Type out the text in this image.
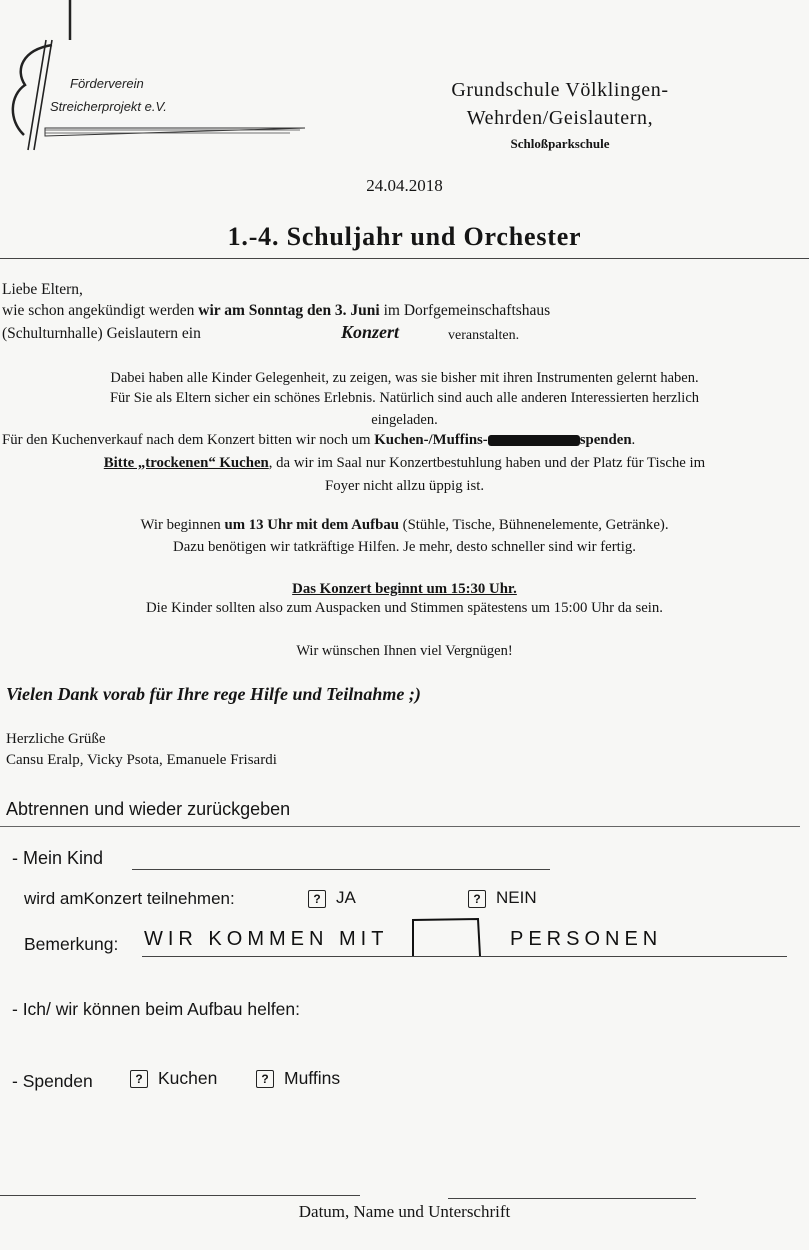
Förderverein
Streicherprojekt e.V.
Grundschule Völklingen-
Wehrden/Geislautern,
Schloßparkschule
24.04.2018
1.-4. Schuljahr und Orchester
Liebe Eltern,
wie schon angekündigt werden wir am Sonntag den 3. Juni im Dorfgemeinschaftshaus
(Schulturnhalle) Geislautern ein	Konzert	veranstalten.
Dabei haben alle Kinder Gelegenheit, zu zeigen, was sie bisher mit ihren Instrumenten gelernt haben.
Für Sie als Eltern sicher ein schönes Erlebnis. Natürlich sind auch alle anderen Interessierten herzlich
eingeladen.
Für den Kuchenverkauf nach dem Konzert bitten wir noch um Kuchen-/Muffins-	spenden.
Bitte „trockenen“ Kuchen, da wir im Saal nur Konzertbestuhlung haben und der Platz für Tische im
Foyer nicht allzu üppig ist.
Wir beginnen um 13 Uhr mit dem Aufbau (Stühle, Tische, Bühnenelemente, Getränke).
Dazu benötigen wir tatkräftige Hilfen. Je mehr, desto schneller sind wir fertig.
Das Konzert beginnt um 15:30 Uhr.
Die Kinder sollten also zum Auspacken und Stimmen spätestens um 15:00 Uhr da sein.
Wir wünschen Ihnen viel Vergnügen!
Vielen Dank vorab für Ihre rege Hilfe und Teilnahme ;)
Herzliche Grüße
Cansu Eralp, Vicky Psota, Emanuele Frisardi
Abtrennen und wieder zurückgeben
- Mein Kind
wird amKonzert teilnehmen:	? JA	? NEIN
Bemerkung: WIR KOMMEN MIT	PERSONEN
- Ich/ wir können beim Aufbau helfen:
- Spenden	? Kuchen	? Muffins
Datum, Name und Unterschrift
